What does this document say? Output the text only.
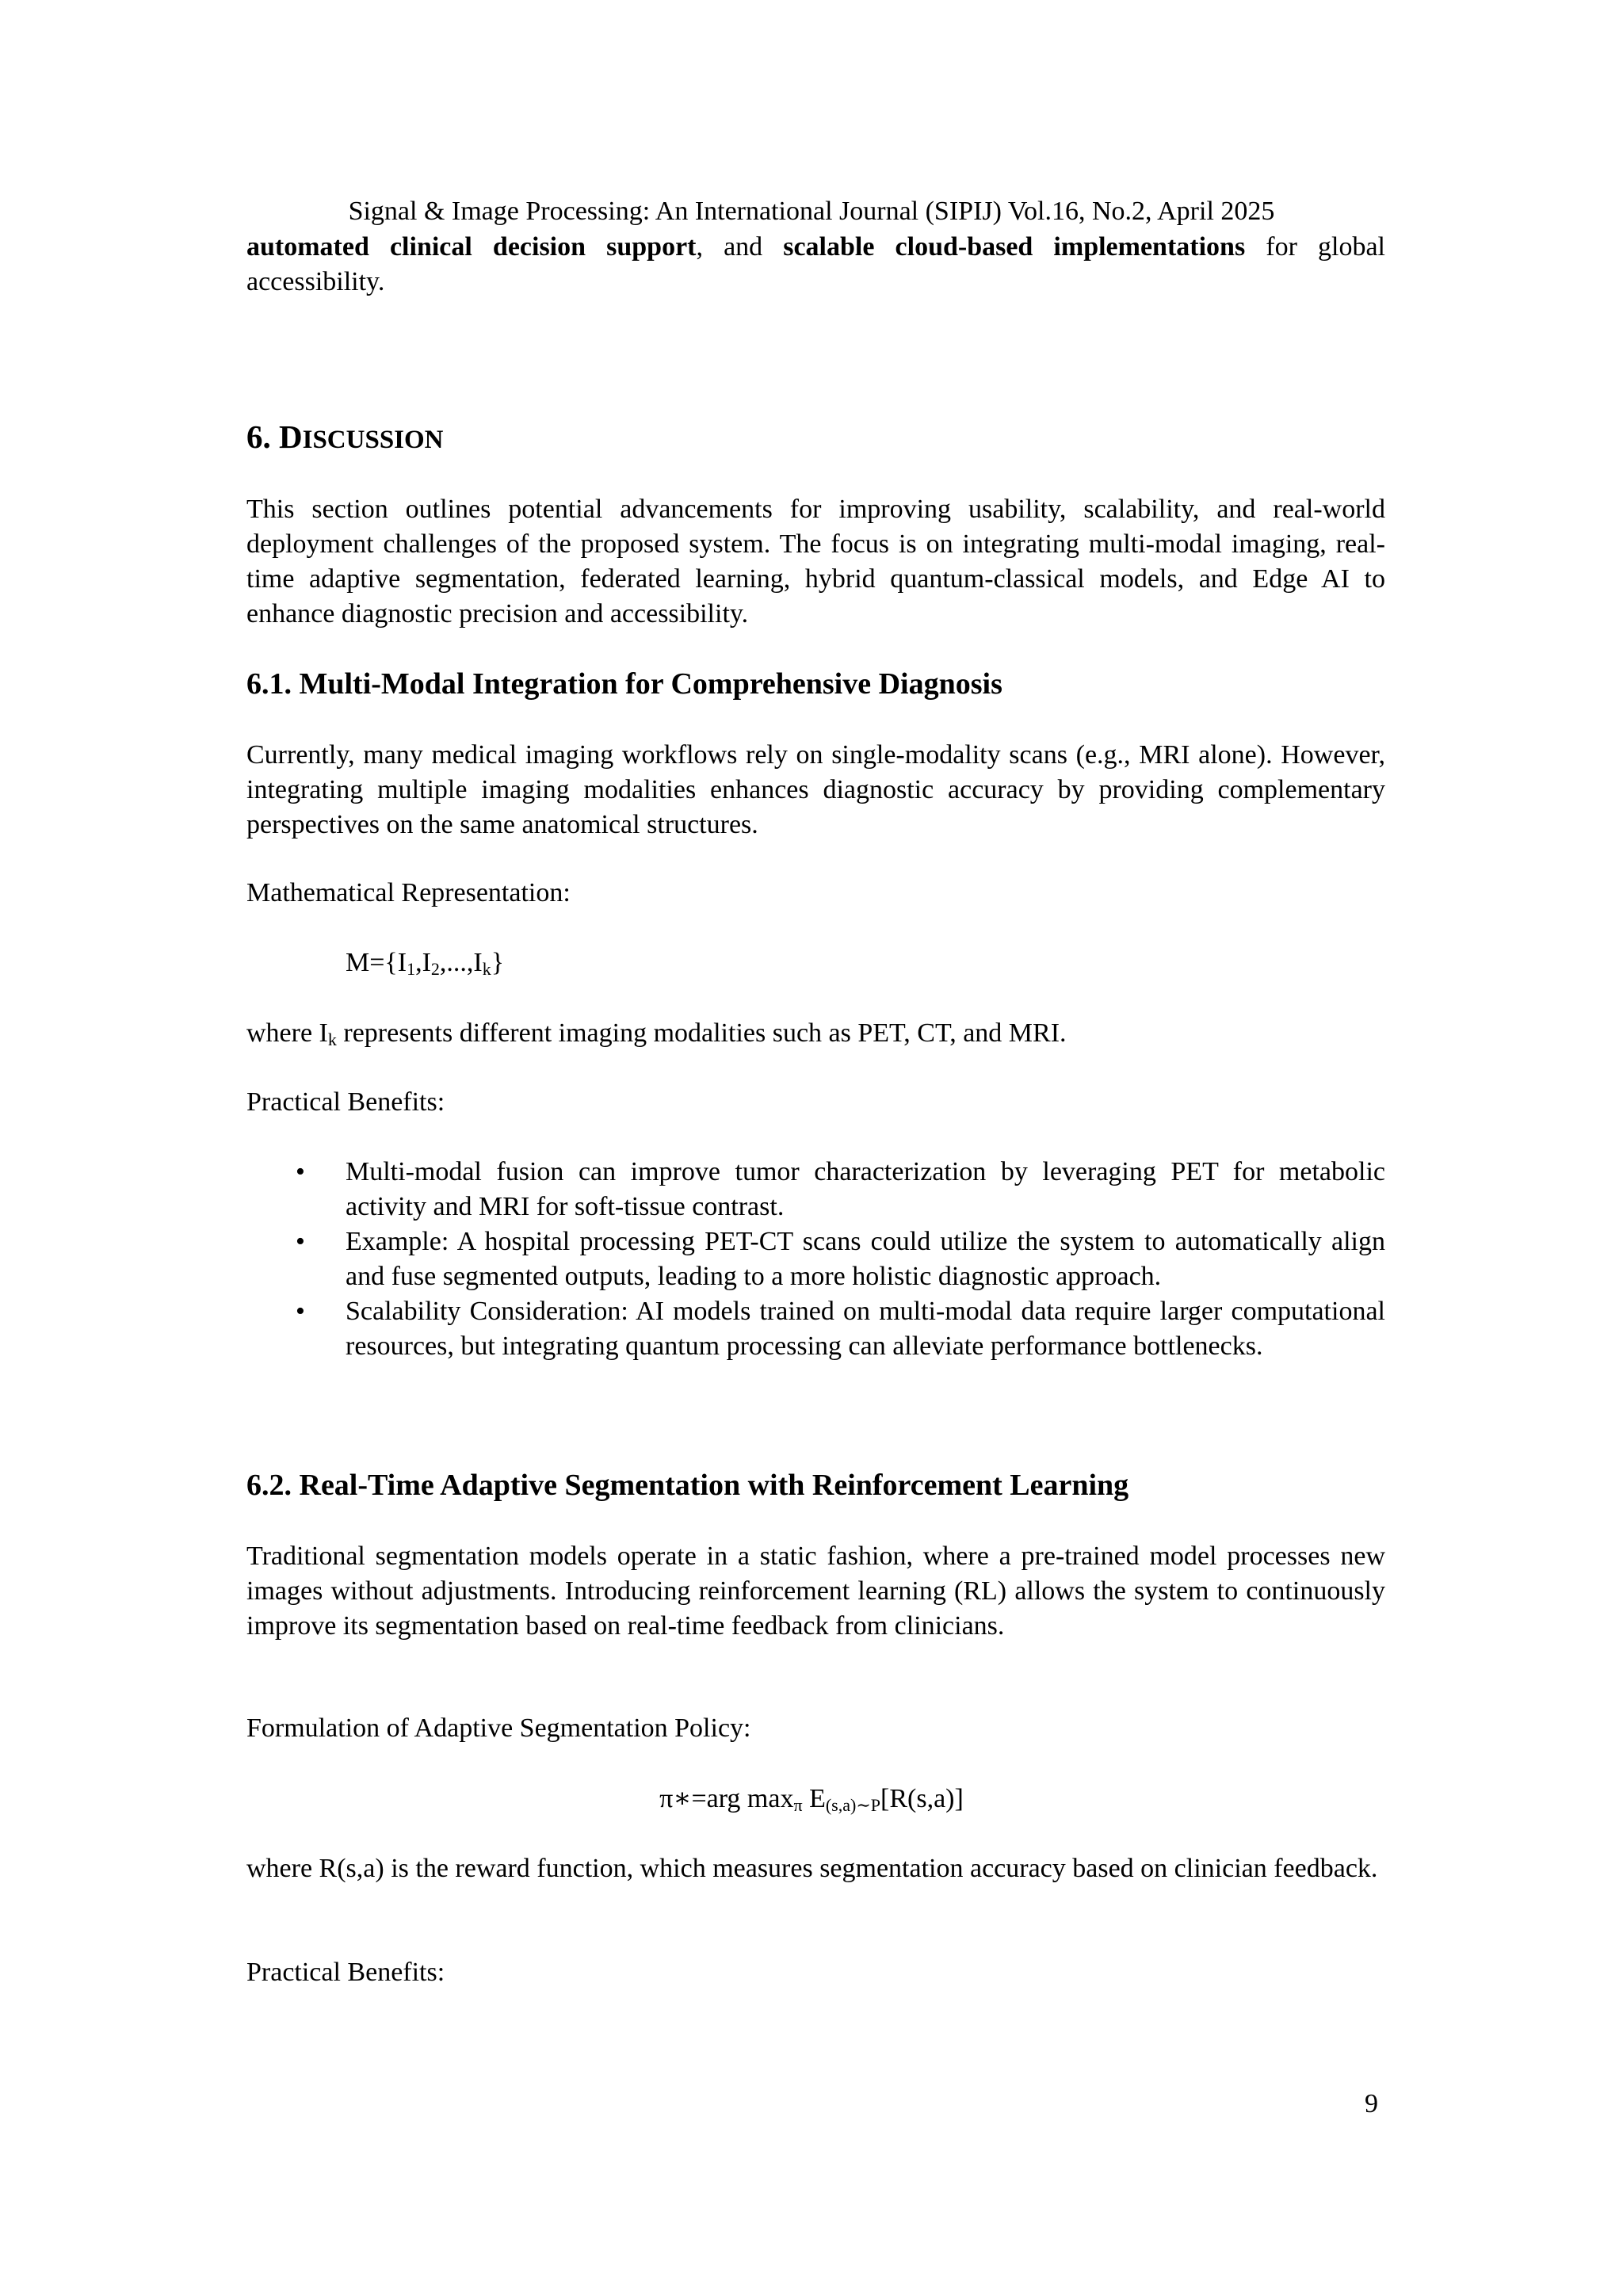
Signal & Image Processing: An International Journal (SIPIJ) Vol.16, No.2, April 2025
automated clinical decision support, and scalable cloud-based implementations for global accessibility.
6. DISCUSSION
This section outlines potential advancements for improving usability, scalability, and real-world deployment challenges of the proposed system. The focus is on integrating multi-modal imaging, real-time adaptive segmentation, federated learning, hybrid quantum-classical models, and Edge AI to enhance diagnostic precision and accessibility.
6.1. Multi-Modal Integration for Comprehensive Diagnosis
Currently, many medical imaging workflows rely on single-modality scans (e.g., MRI alone). However, integrating multiple imaging modalities enhances diagnostic accuracy by providing complementary perspectives on the same anatomical structures.
Mathematical Representation:
$M=\{I_1,I_2,...,I_k\}$
where $I_k$ represents different imaging modalities such as PET, CT, and MRI.
Practical Benefits:
• Multi-modal fusion can improve tumor characterization by leveraging PET for metabolic activity and MRI for soft-tissue contrast.
• Example: A hospital processing PET-CT scans could utilize the system to automatically align and fuse segmented outputs, leading to a more holistic diagnostic approach.
• Scalability Consideration: AI models trained on multi-modal data require larger computational resources, but integrating quantum processing can alleviate performance bottlenecks.
6.2. Real-Time Adaptive Segmentation with Reinforcement Learning
Traditional segmentation models operate in a static fashion, where a pre-trained model processes new images without adjustments. Introducing reinforcement learning (RL) allows the system to continuously improve its segmentation based on real-time feedback from clinicians.
Formulation of Adaptive Segmentation Policy:
π∗=arg $\max_\pi E_{(s,a)\sim P}[R(s,a)]$
where R(s,a) is the reward function, which measures segmentation accuracy based on clinician feedback.
Practical Benefits:
9
